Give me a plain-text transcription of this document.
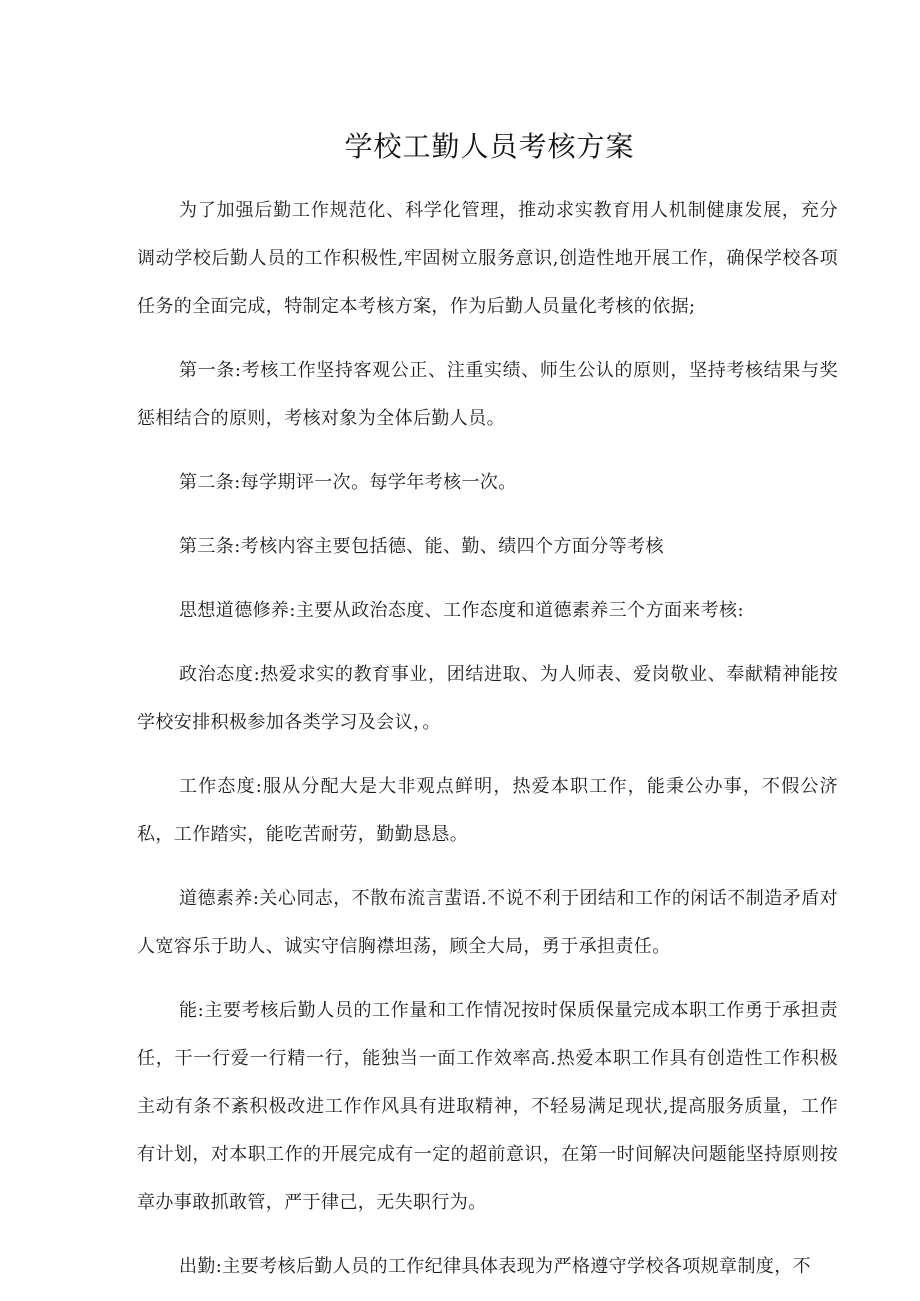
学校工勤人员考核方案

为了加强后勤工作规范化、科学化管理，推动求实教育用人机制健康发展，充分调动学校后勤人员的工作积极性,牢固树立服务意识,创造性地开展工作，确保学校各项任务的全面完成，特制定本考核方案，作为后勤人员量化考核的依据;

第一条:考核工作坚持客观公正、注重实绩、师生公认的原则，坚持考核结果与奖惩相结合的原则，考核对象为全体后勤人员。

第二条:每学期评一次。每学年考核一次。

第三条:考核内容主要包括德、能、勤、绩四个方面分等考核

思想道德修养:主要从政治态度、工作态度和道德素养三个方面来考核:

政治态度:热爱求实的教育事业，团结进取、为人师表、爱岗敬业、奉献精神能按学校安排积极参加各类学习及会议，。

工作态度:服从分配大是大非观点鲜明，热爱本职工作，能秉公办事，不假公济私，工作踏实，能吃苦耐劳，勤勤恳恳。

道德素养:关心同志，不散布流言蜚语.不说不利于团结和工作的闲话不制造矛盾对人宽容乐于助人、诚实守信胸襟坦荡，顾全大局，勇于承担责任。

能:主要考核后勤人员的工作量和工作情况按时保质保量完成本职工作勇于承担责任，干一行爱一行精一行，能独当一面工作效率高.热爱本职工作具有创造性工作积极主动有条不紊积极改进工作作风具有进取精神，不轻易满足现状,提高服务质量，工作有计划，对本职工作的开展完成有一定的超前意识，在第一时间解决问题能坚持原则按章办事敢抓敢管，严于律己，无失职行为。

出勤:主要考核后勤人员的工作纪律具体表现为严格遵守学校各项规章制度，不
